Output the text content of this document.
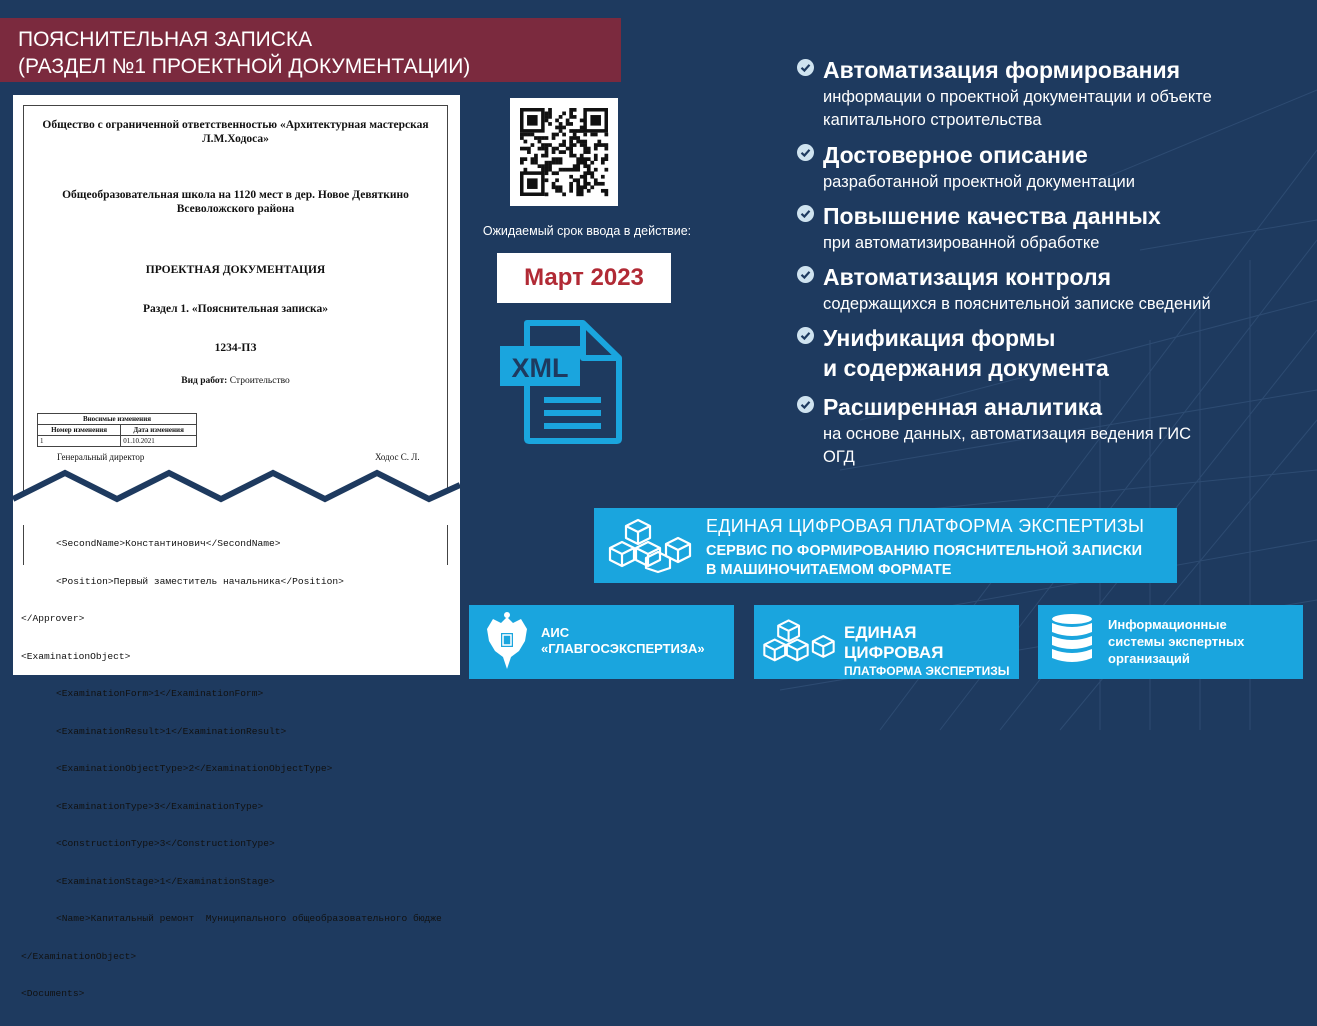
ПОЯСНИТЕЛЬНАЯ ЗАПИСКА
(РАЗДЕЛ №1 ПРОЕКТНОЙ ДОКУМЕНТАЦИИ)
Общество с ограниченной ответственностью «Архитектурная мастерская
Л.М.Ходоса»
Общеобразовательная школа на 1120 мест в дер. Новое Девяткино
Всеволожского района
ПРОЕКТНАЯ ДОКУМЕНТАЦИЯ
Раздел 1. «Пояснительная записка»
1234-ПЗ
Вид работ: Строительство
Вносимые изменения	
Номер изменения	Дата изменения
1	01.10.2021
Генеральный директор	Ходос С. Л.

<SecondName>Константинович</SecondName>

<Position>Первый заместитель начальника</Position>

</Approver>

<ExaminationObject>

<ExaminationForm>1</ExaminationForm>

<ExaminationResult>1</ExaminationResult>

<ExaminationObjectType>2</ExaminationObjectType>

<ExaminationType>3</ExaminationType>

<ConstructionType>3</ConstructionType>

<ExaminationStage>1</ExaminationStage>

<Name>Капитальный ремонт  Муниципального общеобразовательного бюдже

</ExaminationObject>

<Documents>

Ожидаемый срок ввода в действие:
Март 2023
XML
Автоматизация формирования
информации о проектной документации и объекте
капитального строительства
Достоверное описание
разработанной проектной документации
Повышение качества данных
при автоматизированной обработке
Автоматизация контроля
содержащихся в пояснительной записке сведений
Унификация формы
и содержания документа
Расширенная аналитика
на основе данных, автоматизация ведения ГИС
ОГД
ЕДИНАЯ ЦИФРОВАЯ ПЛАТФОРМА ЭКСПЕРТИЗЫ
СЕРВИС ПО ФОРМИРОВАНИЮ ПОЯСНИТЕЛЬНОЙ ЗАПИСКИ
В МАШИНОЧИТАЕМОМ ФОРМАТЕ
АИС
«ГЛАВГОСЭКСПЕРТИЗА»
ЕДИНАЯ ЦИФРОВАЯ
ПЛАТФОРМА ЭКСПЕРТИЗЫ
Информационные
системы экспертных
организаций
